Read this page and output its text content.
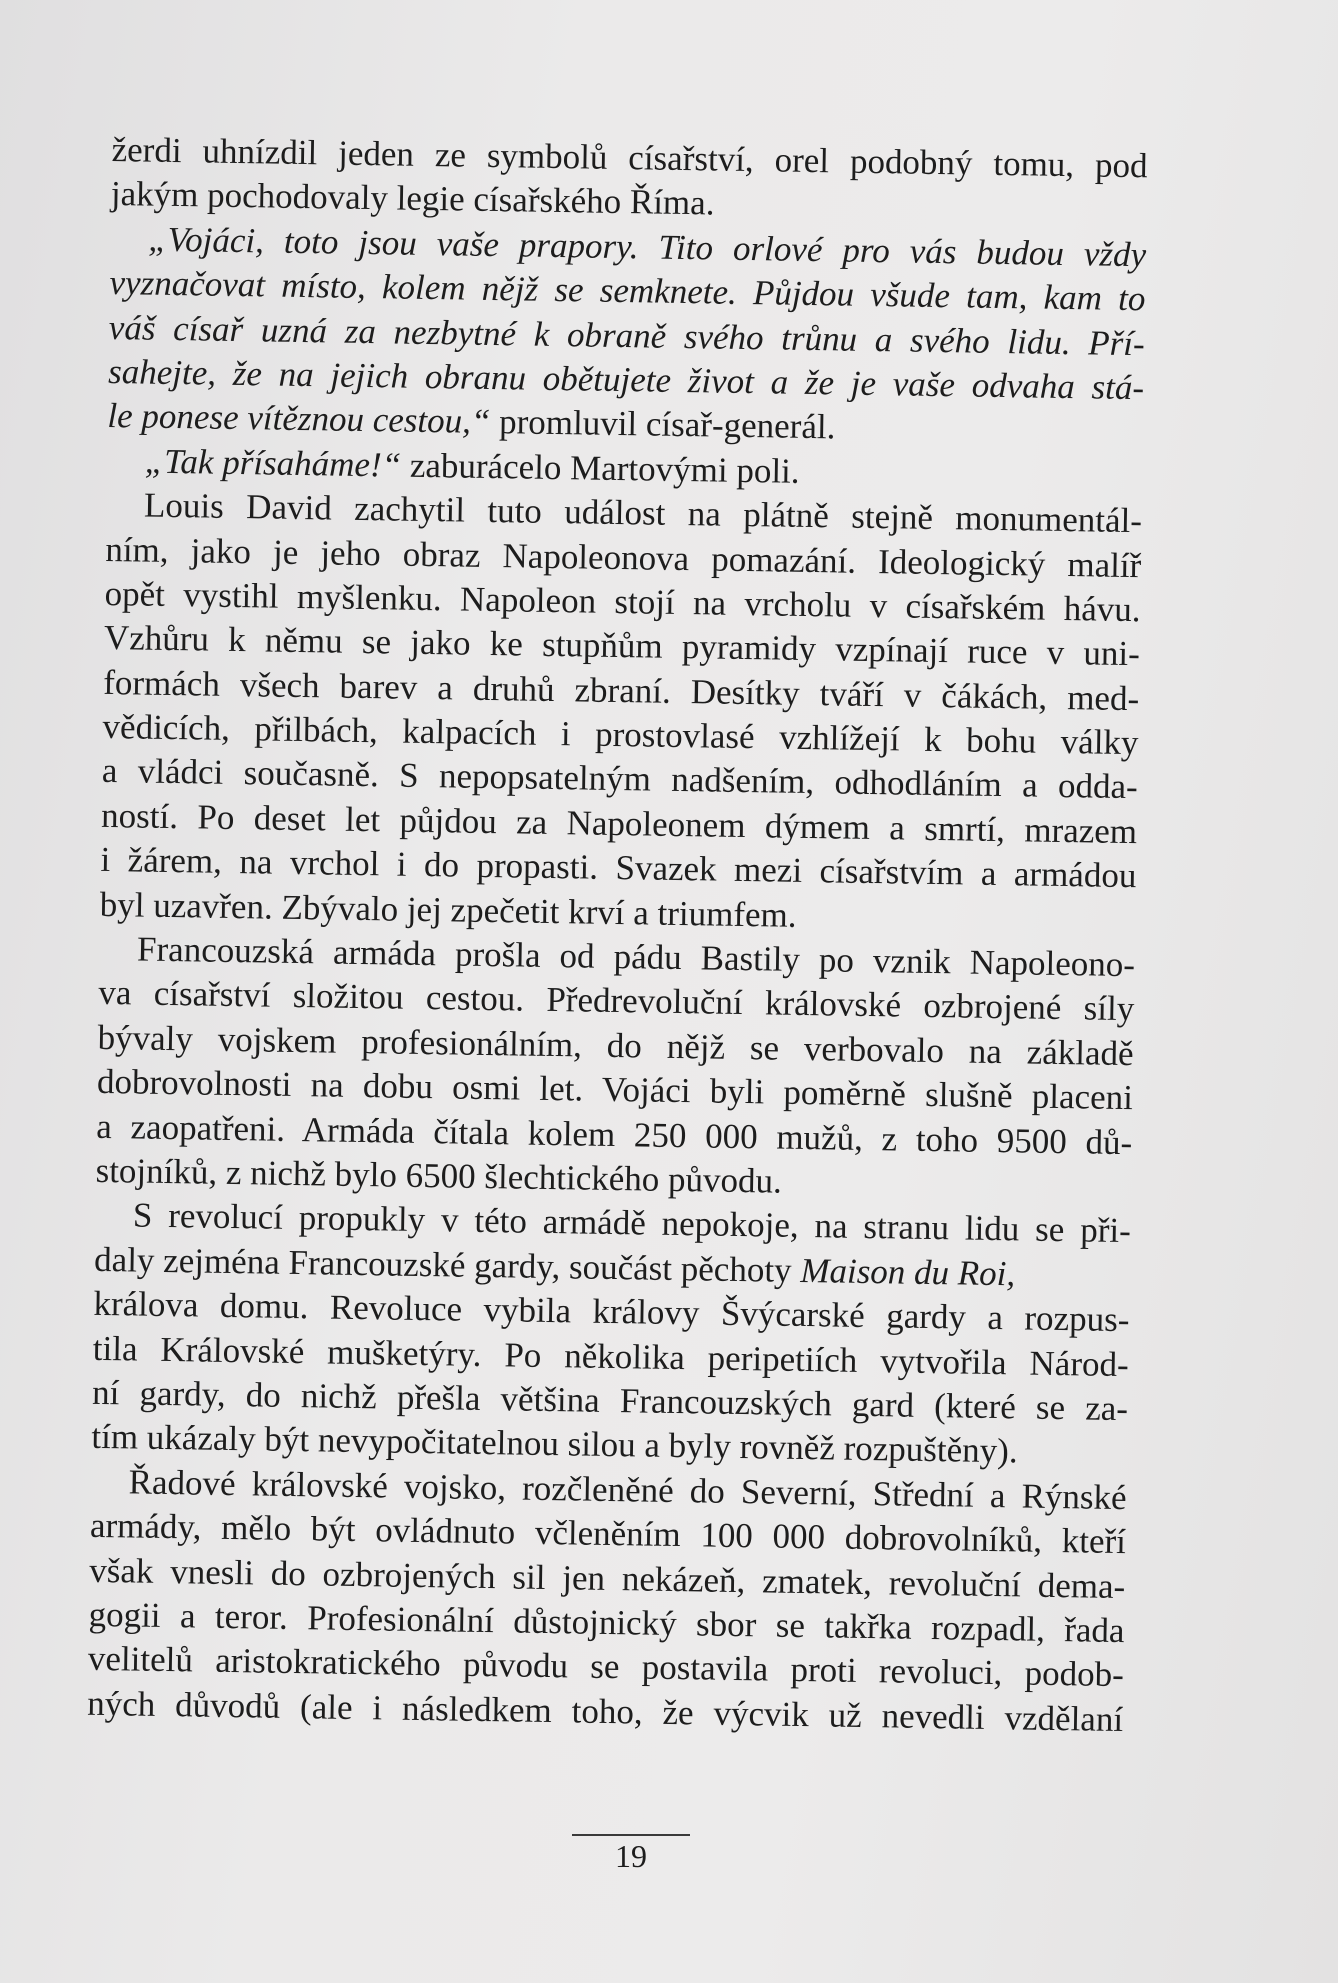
žerdi uhnízdil jeden ze symbolů císařství, orel podobný tomu, pod
jakým pochodovaly legie císařského Říma.
„Vojáci, toto jsou vaše prapory. Tito orlové pro vás budou vždy
vyznačovat místo, kolem nějž se semknete. Půjdou všude tam, kam to
váš císař uzná za nezbytné k obraně svého trůnu a svého lidu. Pří-
sahejte, že na jejich obranu obětujete život a že je vaše odvaha stá-
le ponese vítěznou cestou,“ promluvil císař-generál.
„Tak přísaháme!“ zaburácelo Martovými poli.
Louis David zachytil tuto událost na plátně stejně monumentál-
ním, jako je jeho obraz Napoleonova pomazání. Ideologický malíř
opět vystihl myšlenku. Napoleon stojí na vrcholu v císařském hávu.
Vzhůru k němu se jako ke stupňům pyramidy vzpínají ruce v uni-
formách všech barev a druhů zbraní. Desítky tváří v čákách, med-
vědicích, přilbách, kalpacích i prostovlasé vzhlížejí k bohu války
a vládci současně. S nepopsatelným nadšením, odhodláním a odda-
ností. Po deset let půjdou za Napoleonem dýmem a smrtí, mrazem
i žárem, na vrchol i do propasti. Svazek mezi císařstvím a armádou
byl uzavřen. Zbývalo jej zpečetit krví a triumfem.
Francouzská armáda prošla od pádu Bastily po vznik Napoleono-
va císařství složitou cestou. Předrevoluční královské ozbrojené síly
bývaly vojskem profesionálním, do nějž se verbovalo na základě
dobrovolnosti na dobu osmi let. Vojáci byli poměrně slušně placeni
a zaopatřeni. Armáda čítala kolem 250 000 mužů, z toho 9500 dů-
stojníků, z nichž bylo 6500 šlechtického původu.
S revolucí propukly v této armádě nepokoje, na stranu lidu se při-
daly zejména Francouzské gardy, součást pěchoty Maison du Roi,
králova domu. Revoluce vybila královy Švýcarské gardy a rozpus-
tila Královské mušketýry. Po několika peripetiích vytvořila Národ-
ní gardy, do nichž přešla většina Francouzských gard (které se za-
tím ukázaly být nevypočitatelnou silou a byly rovněž rozpuštěny).
Řadové královské vojsko, rozčleněné do Severní, Střední a Rýnské
armády, mělo být ovládnuto včleněním 100 000 dobrovolníků, kteří
však vnesli do ozbrojených sil jen nekázeň, zmatek, revoluční dema-
gogii a teror. Profesionální důstojnický sbor se takřka rozpadl, řada
velitelů aristokratického původu se postavila proti revoluci, podob-
ných důvodů (ale i následkem toho, že výcvik už nevedli vzdělaní
19
